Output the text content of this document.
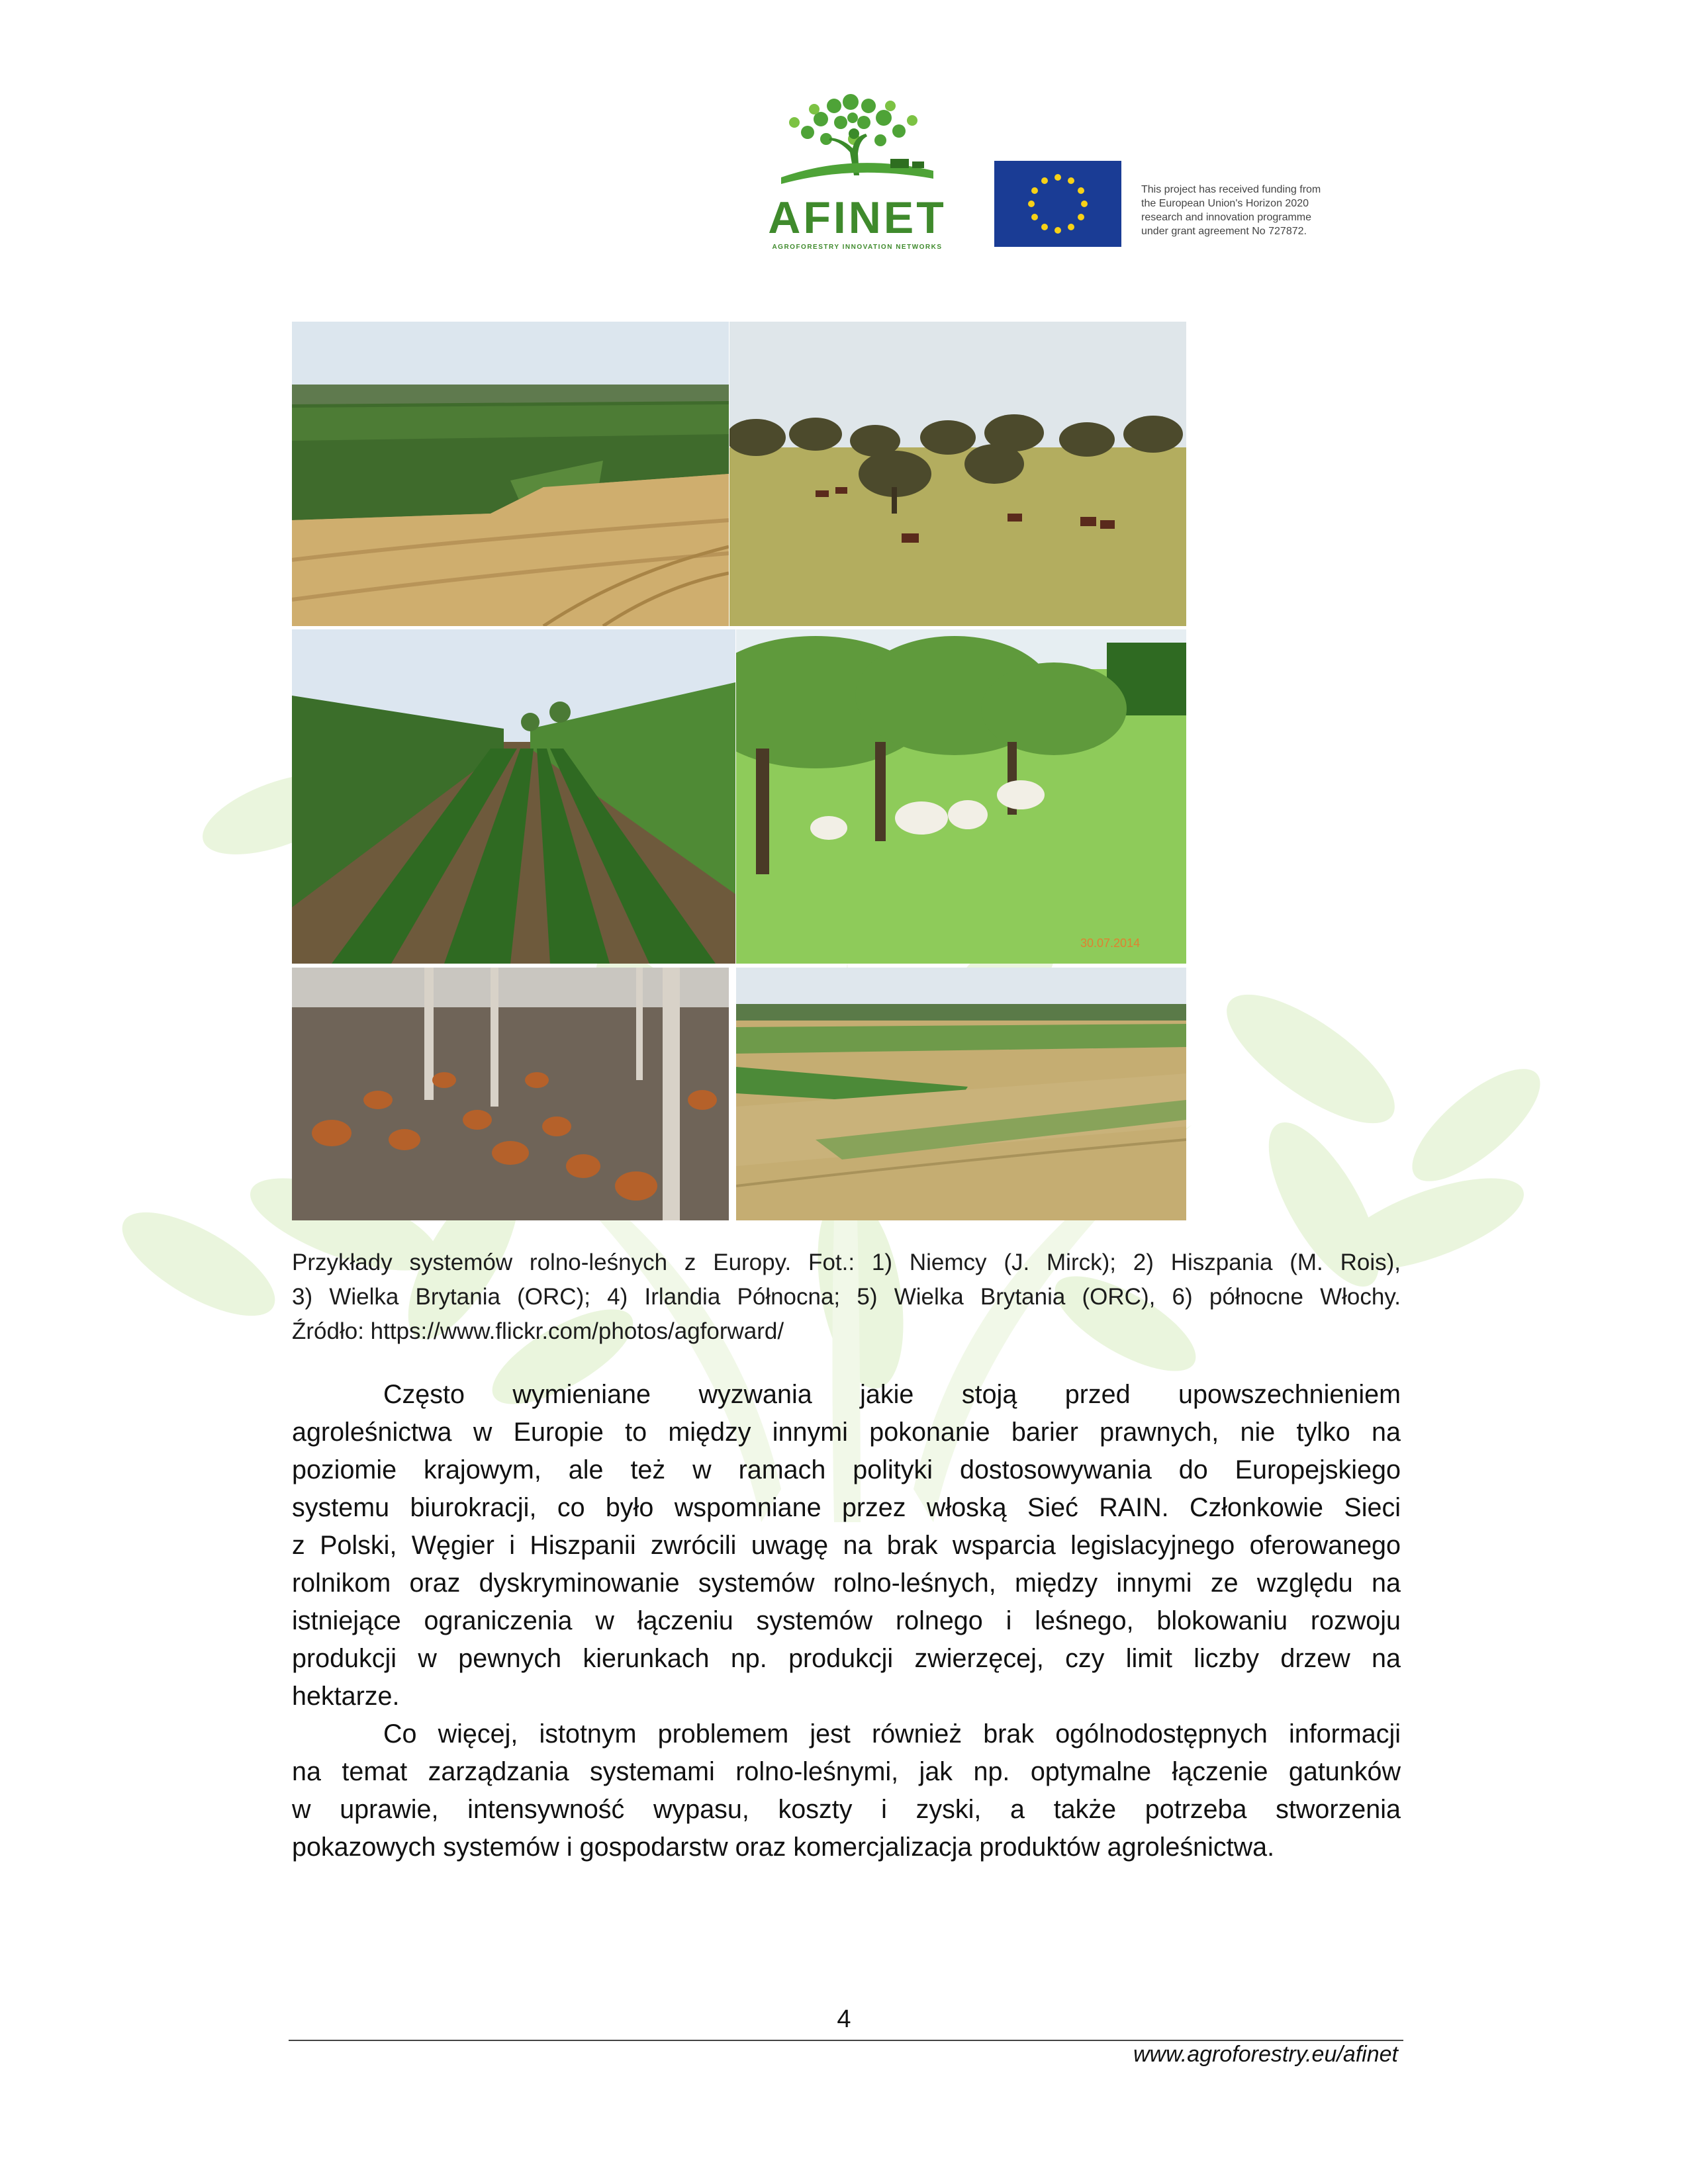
AFINET
AGROFORESTRY INNOVATION NETWORKS
This project has received funding from
the European Union's Horizon 2020
research and innovation programme
under grant agreement No 727872.
30.07.2014
Przykłady systemów rolno-leśnych z Europy. Fot.: 1) Niemcy (J. Mirck); 2) Hiszpania (M. Rois),
3) Wielka Brytania (ORC); 4) Irlandia Północna; 5) Wielka Brytania (ORC), 6) północne Włochy.
Źródło: https://www.flickr.com/photos/agforward/
Często wymieniane wyzwania jakie stoją przed upowszechnieniem
agroleśnictwa w Europie to między innymi pokonanie barier prawnych, nie tylko na
poziomie krajowym, ale też w ramach polityki dostosowywania do Europejskiego
systemu biurokracji, co było wspomniane przez włoską Sieć RAIN. Członkowie Sieci
z Polski, Węgier i Hiszpanii zwrócili uwagę na brak wsparcia legislacyjnego oferowanego
rolnikom oraz dyskryminowanie systemów rolno-leśnych, między innymi ze względu na
istniejące ograniczenia w łączeniu systemów rolnego i leśnego, blokowaniu rozwoju
produkcji w pewnych kierunkach np. produkcji zwierzęcej, czy limit liczby drzew na
hektarze.
Co więcej, istotnym problemem jest również brak ogólnodostępnych informacji
na temat zarządzania systemami rolno-leśnymi, jak np. optymalne łączenie gatunków
w uprawie, intensywność wypasu, koszty i zyski, a także potrzeba stworzenia
pokazowych systemów i gospodarstw oraz komercjalizacja produktów agroleśnictwa.
4
www.agroforestry.eu/afinet
